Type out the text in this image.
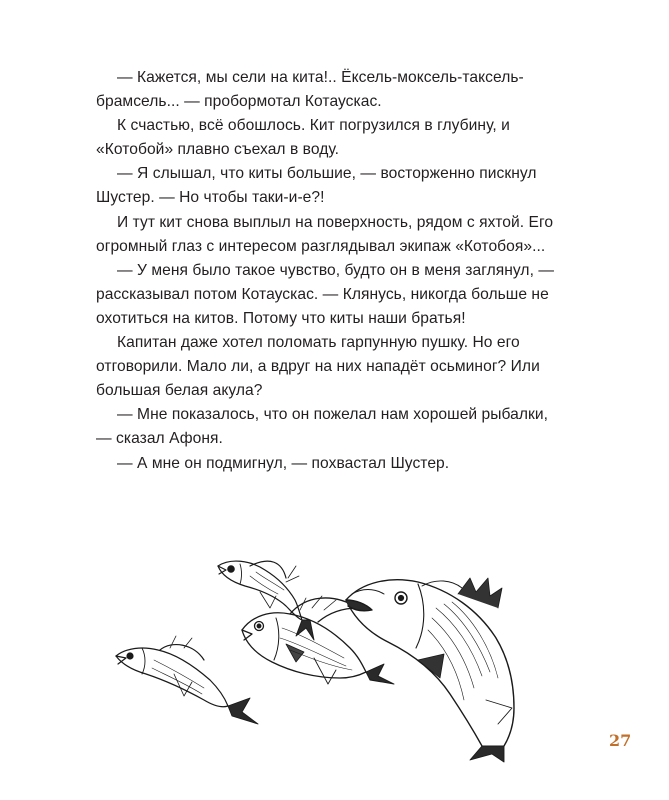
— Кажется, мы сели на кита!.. Ёксель-моксель-таксель-брамсель... — пробормотал Котаускас.

К счастью, всё обошлось. Кит погрузился в глубину, и «Котобой» плавно съехал в воду.

— Я слышал, что киты большие, — восторженно пискнул Шустер. — Но чтобы таки-и-е?!

И тут кит снова выплыл на поверхность, рядом с яхтой. Его огромный глаз с интересом разглядывал экипаж «Котобоя»...

— У меня было такое чувство, будто он в меня заглянул, — рассказывал потом Котаускас. — Клянусь, никогда больше не охотиться на китов. Потому что киты наши братья!

Капитан даже хотел поломать гарпунную пушку. Но его отговорили. Мало ли, а вдруг на них нападёт осьминог? Или большая белая акула?

— Мне показалось, что он пожелал нам хорошей рыбалки, — сказал Афоня.

— А мне он подмигнул, — похвастал Шустер.

27
